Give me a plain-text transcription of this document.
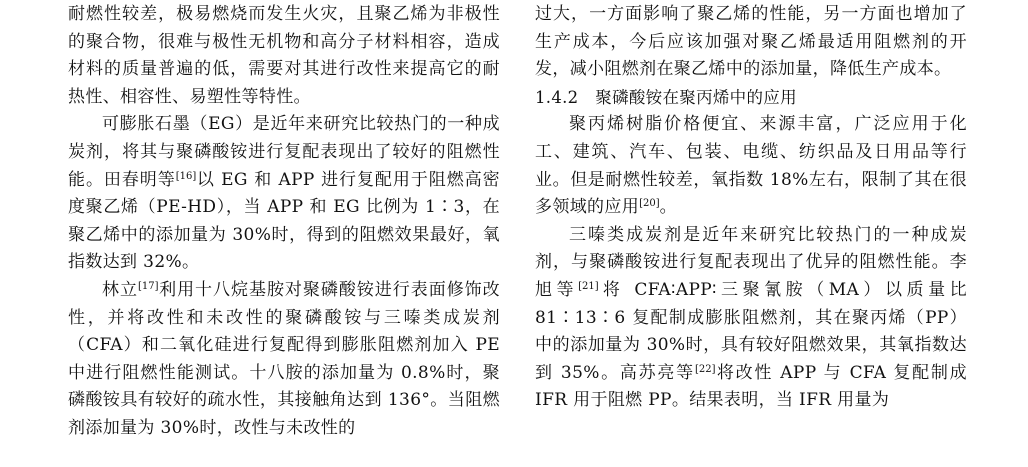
耐燃性较差，极易燃烧而发生火灾，且聚乙烯为非极性的聚合物，很难与极性无机物和高分子材料相容，造成材料的质量普遍的低，需要对其进行改性来提高它的耐热性、相容性、易塑性等特性。

可膨胀石墨（EG）是近年来研究比较热门的一种成炭剂，将其与聚磷酸铵进行复配表现出了较好的阻燃性能。田春明等[16]以 EG 和 APP 进行复配用于阻燃高密度聚乙烯（PE-HD），当 APP 和 EG 比例为 1∶3，在聚乙烯中的添加量为 30%时，得到的阻燃效果最好，氧指数达到 32%。

林立[17]利用十八烷基胺对聚磷酸铵进行表面修饰改性，并将改性和未改性的聚磷酸铵与三嗪类成炭剂（CFA）和二氧化硅进行复配得到膨胀阻燃剂加入 PE 中进行阻燃性能测试。十八胺的添加量为 0.8%时，聚磷酸铵具有较好的疏水性，其接触角达到 136°。当阻燃剂添加量为 30%时，改性与未改性的

过大，一方面影响了聚乙烯的性能，另一方面也增加了生产成本，今后应该加强对聚乙烯最适用阻燃剂的开发，减小阻燃剂在聚乙烯中的添加量，降低生产成本。

1.4.2　聚磷酸铵在聚丙烯中的应用

聚丙烯树脂价格便宜、来源丰富，广泛应用于化工、建筑、汽车、包装、电缆、纺织品及日用品等行业。但是耐燃性较差，氧指数 18%左右，限制了其在很多领域的应用[20]。

三嗪类成炭剂是近年来研究比较热门的一种成炭剂，与聚磷酸铵进行复配表现出了优异的阻燃性能。李旭等[21]将 CFA∶APP∶三聚氰胺（MA）以质量比 81∶13∶6 复配制成膨胀阻燃剂，其在聚丙烯（PP）中的添加量为 30%时，具有较好阻燃效果，其氧指数达到 35%。高苏亮等[22]将改性 APP 与 CFA 复配制成 IFR 用于阻燃 PP。结果表明，当 IFR 用量为
